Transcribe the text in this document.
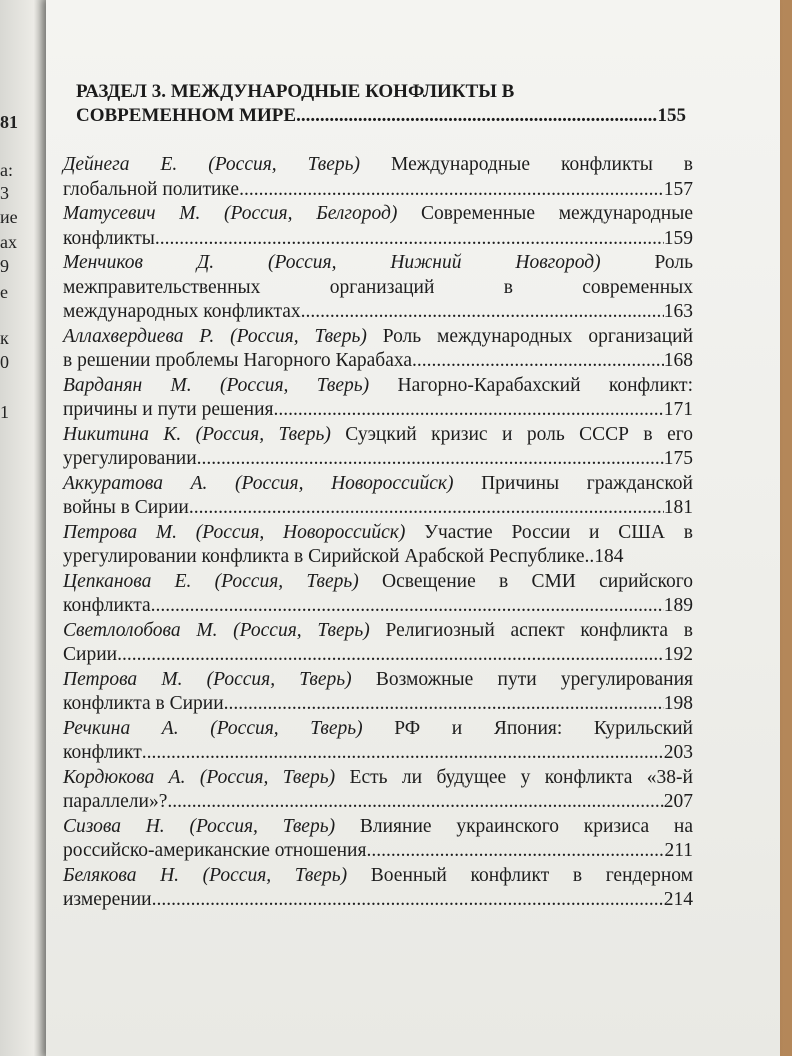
81
а:
3
ие
ах
9
е
к
0
1
РАЗДЕЛ 3. МЕЖДУНАРОДНЫЕ КОНФЛИКТЫ В
СОВРЕМЕННОМ МИРЕ .....	155
Дейнега Е. (Россия, Тверь) Международные конфликты в
глобальной политике .....	157
Матусевич М. (Россия, Белгород) Современные международные
конфликты .....	159
Менчиков Д. (Россия, Нижний Новгород) Роль
межправительственных организаций в современных
международных конфликтах .....	163
Аллахвердиева Р. (Россия, Тверь) Роль международных организаций
в решении проблемы Нагорного Карабаха .....	168
Варданян М. (Россия, Тверь) Нагорно-Карабахский конфликт:
причины и пути решения .....	171
Никитина К. (Россия, Тверь) Суэцкий кризис и роль СССР в его
урегулировании .....	175
Аккуратова А. (Россия, Новороссийск) Причины гражданской
войны в Сирии .....	181
Петрова М. (Россия, Новороссийск) Участие России и США в
урегулировании конфликта в Сирийской Арабской Республике.. 184
Цепканова Е. (Россия, Тверь) Освещение в СМИ сирийского
конфликта .....	189
Светлолобова М. (Россия, Тверь) Религиозный аспект конфликта в
Сирии .....	192
Петрова М. (Россия, Тверь) Возможные пути урегулирования
конфликта в Сирии .....	198
Речкина А. (Россия, Тверь) РФ и Япония: Курильский
конфликт .....	203
Кордюкова А. (Россия, Тверь) Есть ли будущее у конфликта «38-й
параллели»? .....	207
Сизова Н. (Россия, Тверь) Влияние украинского кризиса на
российско-американские отношения .....	211
Белякова Н. (Россия, Тверь) Военный конфликт в гендерном
измерении .....	214
